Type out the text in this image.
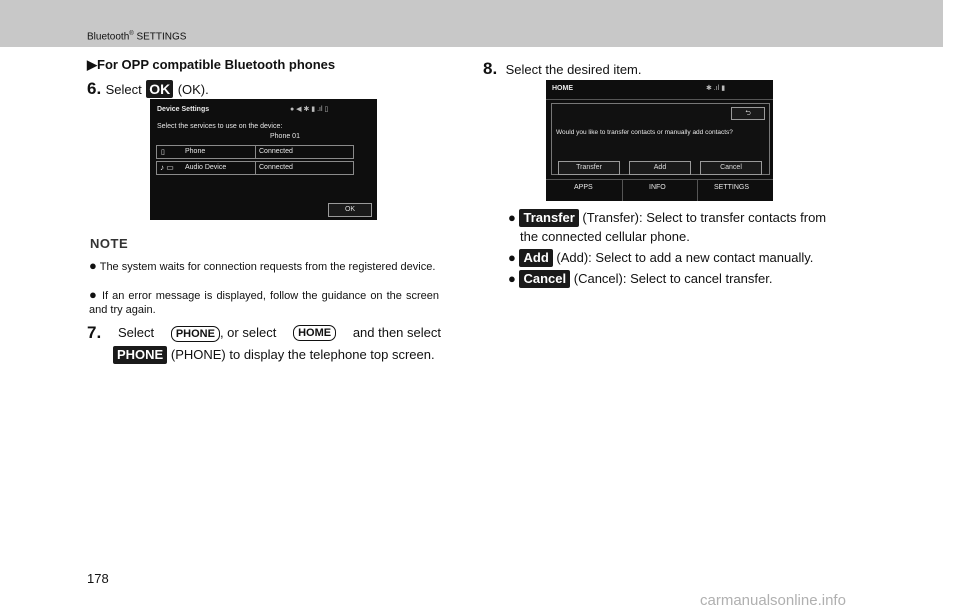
Bluetooth® SETTINGS
▶For OPP compatible Bluetooth phones
6. Select OK (OK).
Device Settings	● ◀ ✱ ▮ .ıl ▯
Select the services to use on the device:
Phone 01
▯	Phone	Connected
♪ ▭ Audio Device	Connected
OK
NOTE
● The system waits for connection requests from the registered device.
● If an error message is displayed, follow the guidance on the screen and try again.
7. Select	PHONE , or select	HOME	and then select
PHONE (PHONE) to display the telephone top screen.
8. Select the desired item.
HOME	✱ .ıl ▮
⮌
Would you like to transfer contacts or manually add contacts?
Transfer	Add	Cancel
APPS	INFO	SETTINGS
● Transfer (Transfer): Select to transfer contacts from
the connected cellular phone.
● Add (Add): Select to add a new contact manually.
● Cancel (Cancel): Select to cancel transfer.
178
carmanualsonline.info
